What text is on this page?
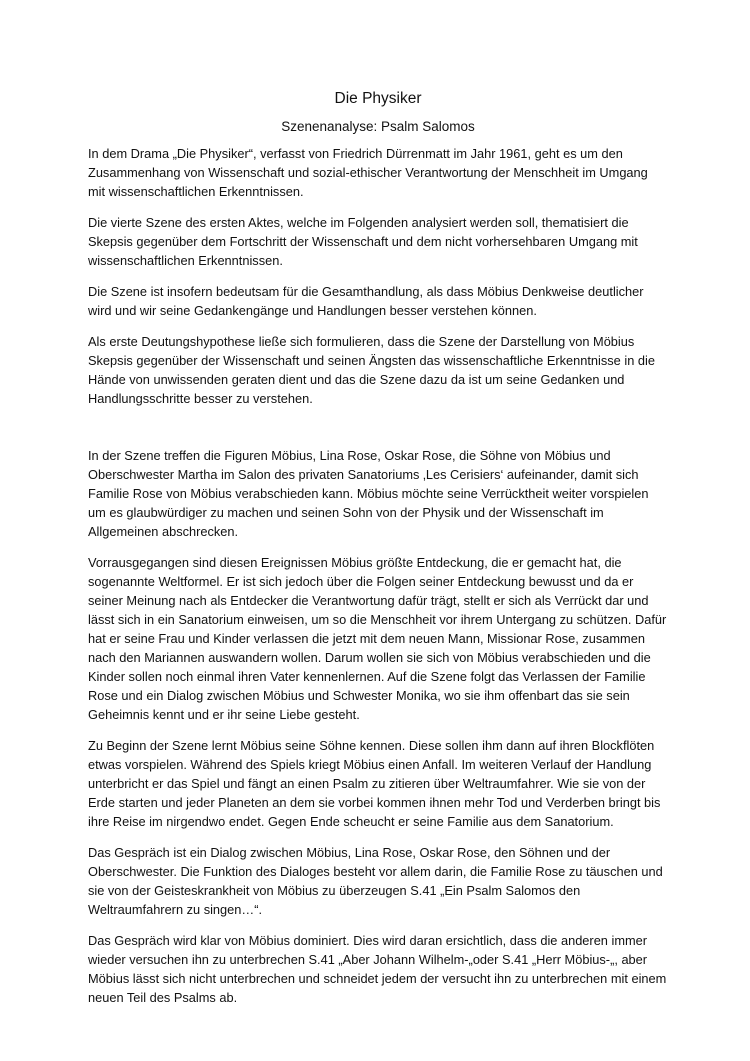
Die Physiker
Szenenanalyse: Psalm Salomos

In dem Drama „Die Physiker“, verfasst von Friedrich Dürrenmatt im Jahr 1961, geht es um den Zusammenhang von Wissenschaft und sozial-ethischer Verantwortung der Menschheit im Umgang mit wissenschaftlichen Erkenntnissen.

Die vierte Szene des ersten Aktes, welche im Folgenden analysiert werden soll, thematisiert die Skepsis gegenüber dem Fortschritt der Wissenschaft und dem nicht vorhersehbaren Umgang mit wissenschaftlichen Erkenntnissen.

Die Szene ist insofern bedeutsam für die Gesamthandlung, als dass Möbius Denkweise deutlicher wird und wir seine Gedankengänge und Handlungen besser verstehen können.

Als erste Deutungshypothese ließe sich formulieren, dass die Szene der Darstellung von Möbius Skepsis gegenüber der Wissenschaft und seinen Ängsten das wissenschaftliche Erkenntnisse in die Hände von unwissenden geraten dient und das die Szene dazu da ist um seine Gedanken und Handlungsschritte besser zu verstehen.

In der Szene treffen die Figuren Möbius, Lina Rose, Oskar Rose, die Söhne von Möbius und Oberschwester Martha im Salon des privaten Sanatoriums ‚Les Cerisiers‘ aufeinander, damit sich Familie Rose von Möbius verabschieden kann. Möbius möchte seine Verrücktheit weiter vorspielen um es glaubwürdiger zu machen und seinen Sohn von der Physik und der Wissenschaft im Allgemeinen abschrecken.

Vorrausgegangen sind diesen Ereignissen Möbius größte Entdeckung, die er gemacht hat, die sogenannte Weltformel. Er ist sich jedoch über die Folgen seiner Entdeckung bewusst und da er seiner Meinung nach als Entdecker die Verantwortung dafür trägt, stellt er sich als Verrückt dar und lässt sich in ein Sanatorium einweisen, um so die Menschheit vor ihrem Untergang zu schützen. Dafür hat er seine Frau und Kinder verlassen die jetzt mit dem neuen Mann, Missionar Rose, zusammen nach den Mariannen auswandern wollen. Darum wollen sie sich von Möbius verabschieden und die Kinder sollen noch einmal ihren Vater kennenlernen. Auf die Szene folgt das Verlassen der Familie Rose und ein Dialog zwischen Möbius und Schwester Monika, wo sie ihm offenbart das sie sein Geheimnis kennt und er ihr seine Liebe gesteht.

Zu Beginn der Szene lernt Möbius seine Söhne kennen. Diese sollen ihm dann auf ihren Blockflöten etwas vorspielen. Während des Spiels kriegt Möbius einen Anfall. Im weiteren Verlauf der Handlung unterbricht er das Spiel und fängt an einen Psalm zu zitieren über Weltraumfahrer. Wie sie von der Erde starten und jeder Planeten an dem sie vorbei kommen ihnen mehr Tod und Verderben bringt bis ihre Reise im nirgendwo endet. Gegen Ende scheucht er seine Familie aus dem Sanatorium.

Das Gespräch ist ein Dialog zwischen Möbius, Lina Rose, Oskar Rose, den Söhnen und der Oberschwester. Die Funktion des Dialoges besteht vor allem darin, die Familie Rose zu täuschen und sie von der Geisteskrankheit von Möbius zu überzeugen S.41 „Ein Psalm Salomos den Weltraumfahrern zu singen…“.

Das Gespräch wird klar von Möbius dominiert. Dies wird daran ersichtlich, dass die anderen immer wieder versuchen ihn zu unterbrechen S.41 „Aber Johann Wilhelm-„oder S.41 „Herr Möbius-„, aber Möbius lässt sich nicht unterbrechen und schneidet jedem der versucht ihn zu unterbrechen mit einem neuen Teil des Psalms ab.
